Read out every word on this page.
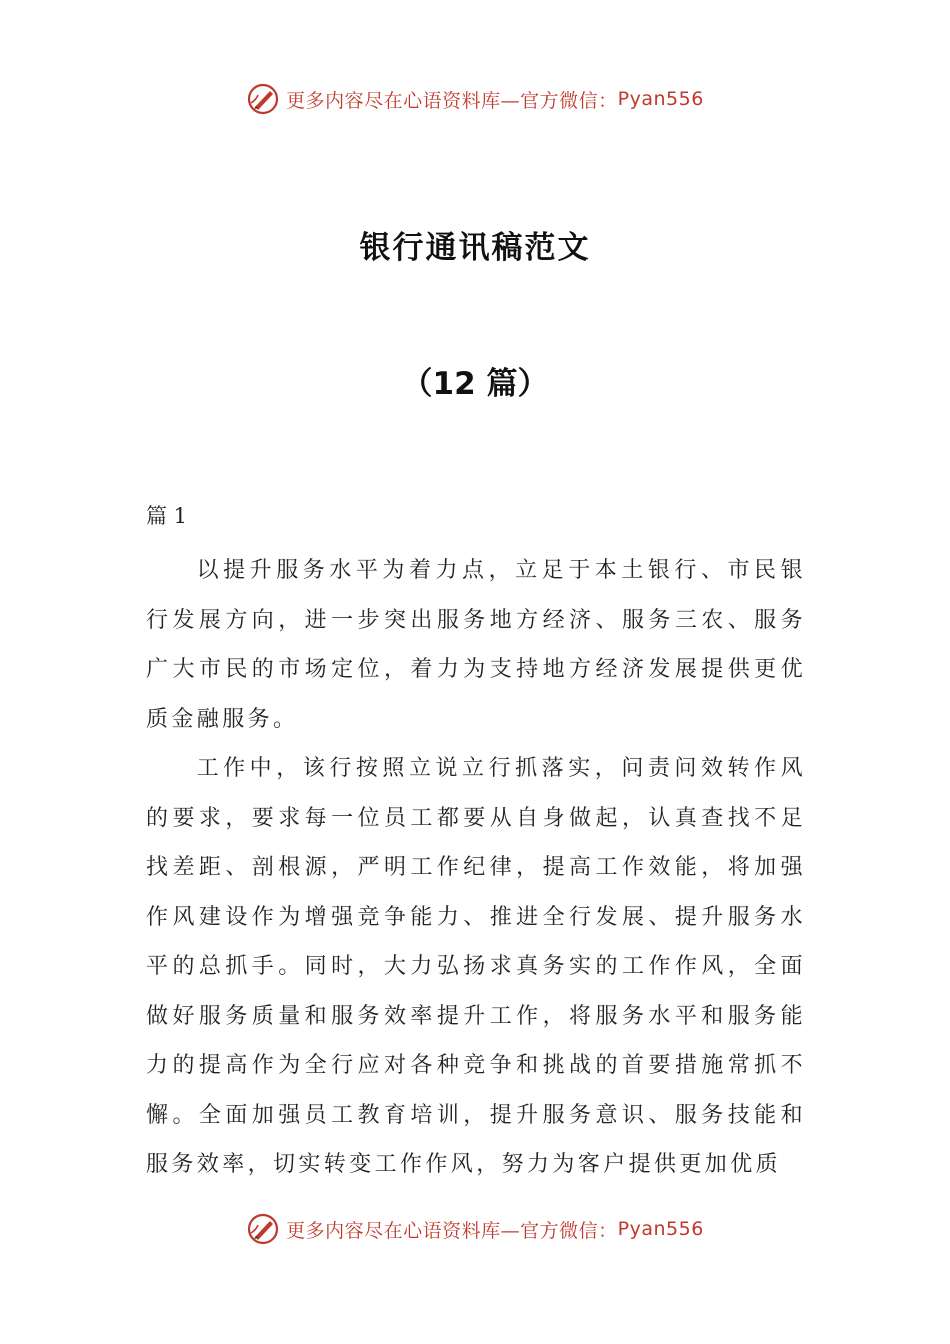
更多内容尽在心语资料库—官方微信： Pyan556
银行通讯稿范文
（12 篇）
篇 1

以提升服务水平为着力点，立足于本土银行、市民银行发展方向，进一步突出服务地方经济、服务三农、服务广大市民的市场定位，着力为支持地方经济发展提供更优质金融服务。

工作中，该行按照立说立行抓落实，问责问效转作风的要求，要求每一位员工都要从自身做起，认真查找不足找差距、剖根源，严明工作纪律，提高工作效能，将加强作风建设作为增强竞争能力、推进全行发展、提升服务水平的总抓手。同时，大力弘扬求真务实的工作作风，全面做好服务质量和服务效率提升工作，将服务水平和服务能力的提高作为全行应对各种竞争和挑战的首要措施常抓不懈。全面加强员工教育培训，提升服务意识、服务技能和服务效率，切实转变工作作风，努力为客户提供更加优质

更多内容尽在心语资料库—官方微信： Pyan556
